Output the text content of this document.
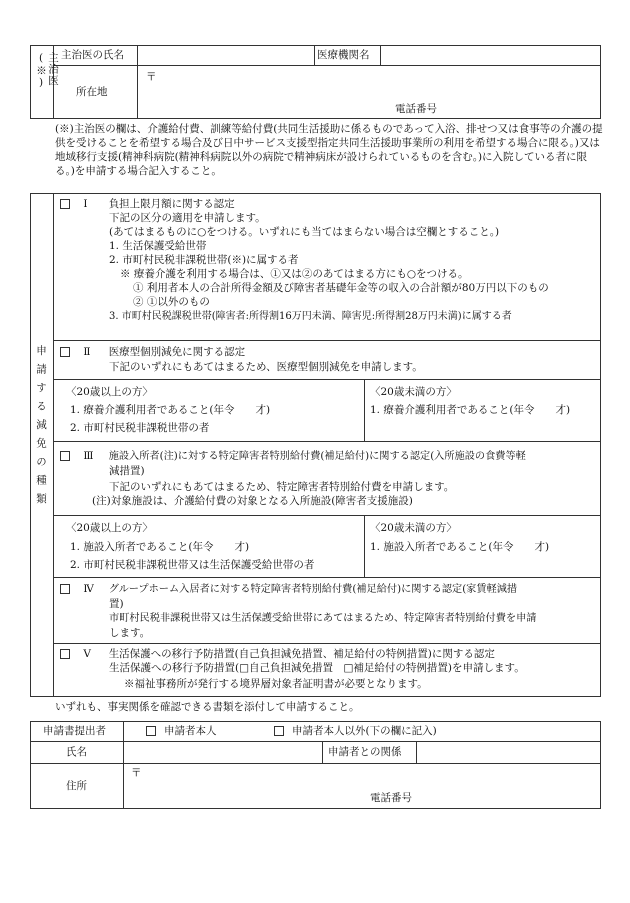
主治医(※)	主治医の氏名	医療機関名
所在地
〒
電話番号
(※)主治医の欄は、介護給付費、訓練等給付費(共同生活援助に係るものであって入浴、排せつ又は食事等の介護の提供を受けることを希望する場合及び日中サービス支援型指定共同生活援助事業所の利用を希望する場合に限る。)又は地域移行支援(精神科病院(精神科病院以外の病院で精神病床が設けられているものを含む。)に入院している者に限る。)を申請する場合記入すること。
申請する減免の種類
Ⅰ 負担上限月額に関する認定
下記の区分の適用を申請します。
(あてはまるものに○をつける。いずれにも当てはまらない場合は空欄とすること。)
1. 生活保護受給世帯
2. 市町村民税非課税世帯(※)に属する者
※ 療養介護を利用する場合は、①又は②のあてはまる方にも○をつける。
① 利用者本人の合計所得金額及び障害者基礎年金等の収入の合計額が80万円以下のもの
② ①以外のもの
3. 市町村民税課税世帯(障害者:所得割16万円未満、障害児:所得割28万円未満)に属する者
Ⅱ 医療型個別減免に関する認定
下記のいずれにもあてはまるため、医療型個別減免を申請します。
〈20歳以上の方〉
1. 療養介護利用者であること(年令　　才)
2. 市町村民税非課税世帯の者
〈20歳未満の方〉
1. 療養介護利用者であること(年令　　才)
Ⅲ 施設入所者(注)に対する特定障害者特別給付費(補足給付)に関する認定(入所施設の食費等軽
減措置)
下記のいずれにもあてはまるため、特定障害者特別給付費を申請します。
(注)対象施設は、介護給付費の対象となる入所施設(障害者支援施設)
〈20歳以上の方〉
1. 施設入所者であること(年令　　才)
2. 市町村民税非課税世帯又は生活保護受給世帯の者
〈20歳未満の方〉
1. 施設入所者であること(年令　　才)
Ⅳ グループホーム入居者に対する特定障害者特別給付費(補足給付)に関する認定(家賃軽減措
置)
市町村民税非課税世帯又は生活保護受給世帯にあてはまるため、特定障害者特別給付費を申請
します。
Ⅴ 生活保護への移行予防措置(自己負担減免措置、補足給付の特例措置)に関する認定
生活保護への移行予防措置(□自己負担減免措置　□補足給付の特例措置)を申請します。
※福祉事務所が発行する境界層対象者証明書が必要となります。
いずれも、事実関係を確認できる書類を添付して申請すること。
申請書提出者	申請者本人	申請者本人以外(下の欄に記入)
氏名	申請者との関係
住所
〒
電話番号
